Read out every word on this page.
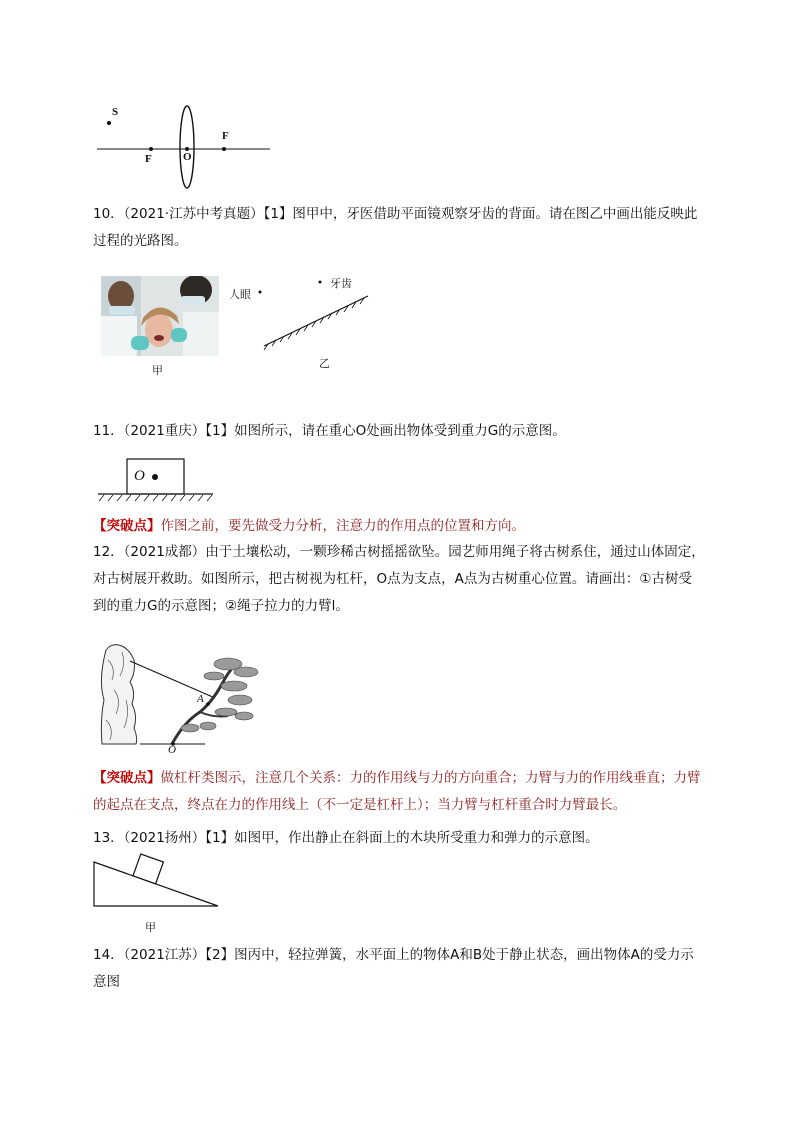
S
F
F
O
10．（2021·江苏中考真题）【1】图甲中，牙医借助平面镜观察牙齿的背面。请在图乙中画出能反映此过程的光路图。
甲
人眼
牙齿
乙
11．（2021重庆）【1】如图所示，请在重心O处画出物体受到重力G的示意图。
O
【突破点】作图之前，要先做受力分析，注意力的作用点的位置和方向。
12．（2021成都）由于土壤松动，一颗珍稀古树摇摇欲坠。园艺师用绳子将古树系住，通过山体固定，对古树展开救助。如图所示，把古树视为杠杆，O点为支点，A点为古树重心位置。请画出：①古树受到的重力G的示意图；②绳子拉力的力臂l。
A
O
【突破点】做杠杆类图示，注意几个关系：力的作用线与力的方向重合；力臂与力的作用线垂直；力臂的起点在支点，终点在力的作用线上（不一定是杠杆上）；当力臂与杠杆重合时力臂最长。
13．（2021扬州）【1】如图甲，作出静止在斜面上的木块所受重力和弹力的示意图。
甲
14．（2021江苏）【2】图丙中，轻拉弹簧，水平面上的物体A和B处于静止状态，画出物体A的受力示意图
